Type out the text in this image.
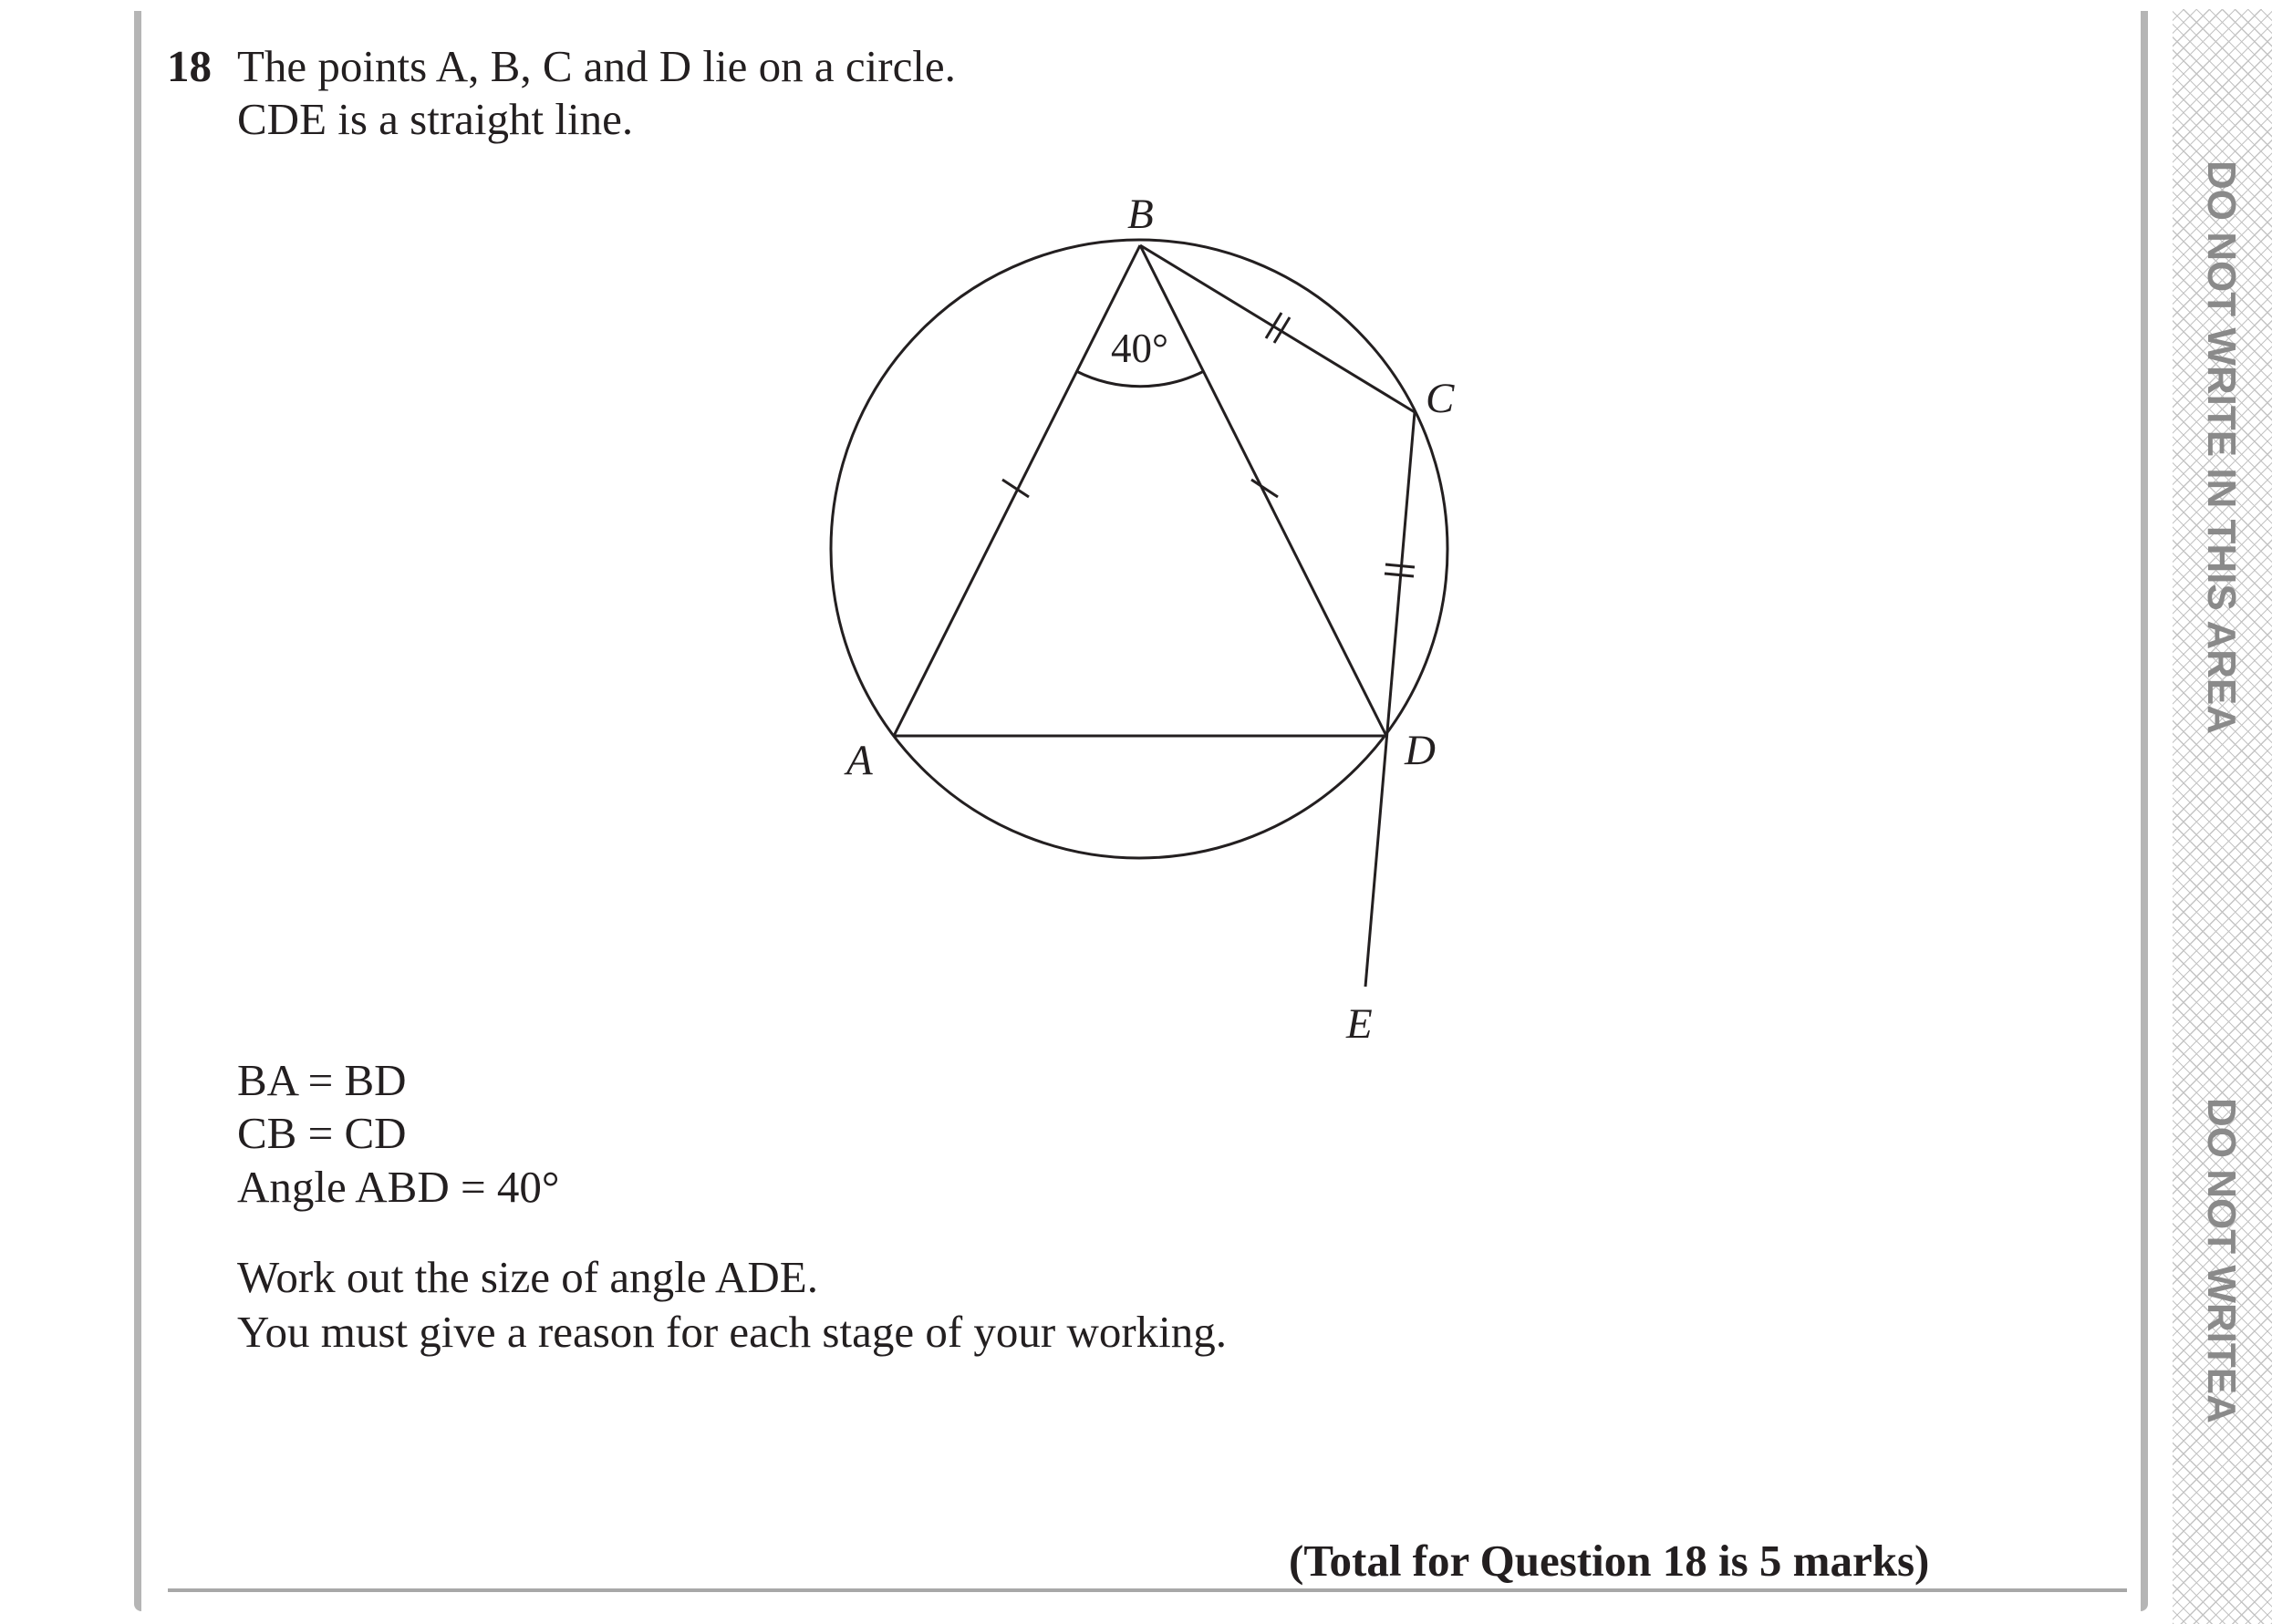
DO NOT WRITE IN THIS AREA
DO NOT WRITEA
18 The points A, B, C and D lie on a circle.
CDE is a straight line.
B
C
A	D
E
40°
BA = BD
CB = CD
Angle ABD = 40°
Work out the size of angle ADE.
You must give a reason for each stage of your working.
(Total for Question 18 is 5 marks)
